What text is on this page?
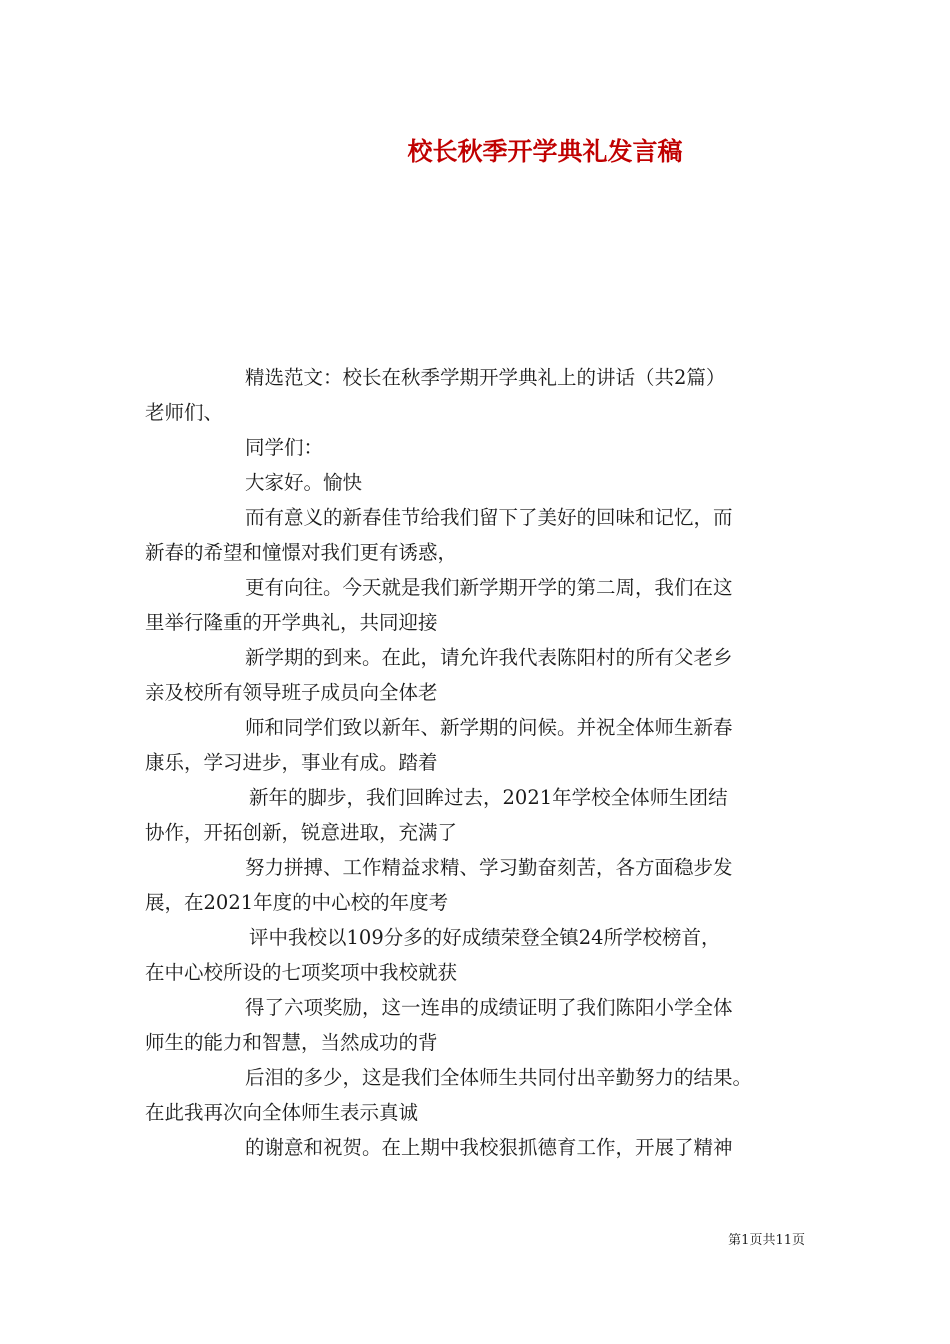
校长秋季开学典礼发言稿

精选范文：校长在秋季学期开学典礼上的讲话（共2篇）

老师们、

同学们：

大家好。愉快

而有意义的新春佳节给我们留下了美好的回味和记忆，而

新春的希望和憧憬对我们更有诱惑，

更有向往。今天就是我们新学期开学的第二周，我们在这

里举行隆重的开学典礼，共同迎接

新学期的到来。在此，请允许我代表陈阳村的所有父老乡

亲及校所有领导班子成员向全体老

师和同学们致以新年、新学期的问候。并祝全体师生新春

康乐，学习进步，事业有成。踏着

新年的脚步，我们回眸过去，2021年学校全体师生团结

协作，开拓创新，锐意进取，充满了

努力拼搏、工作精益求精、学习勤奋刻苦，各方面稳步发

展，在2021年度的中心校的年度考

评中我校以109分多的好成绩荣登全镇24所学校榜首，

在中心校所设的七项奖项中我校就获

得了六项奖励，这一连串的成绩证明了我们陈阳小学全体

师生的能力和智慧，当然成功的背

后泪的多少，这是我们全体师生共同付出辛勤努力的结果。

在此我再次向全体师生表示真诚

的谢意和祝贺。在上期中我校狠抓德育工作，开展了精神

第1页共11页
